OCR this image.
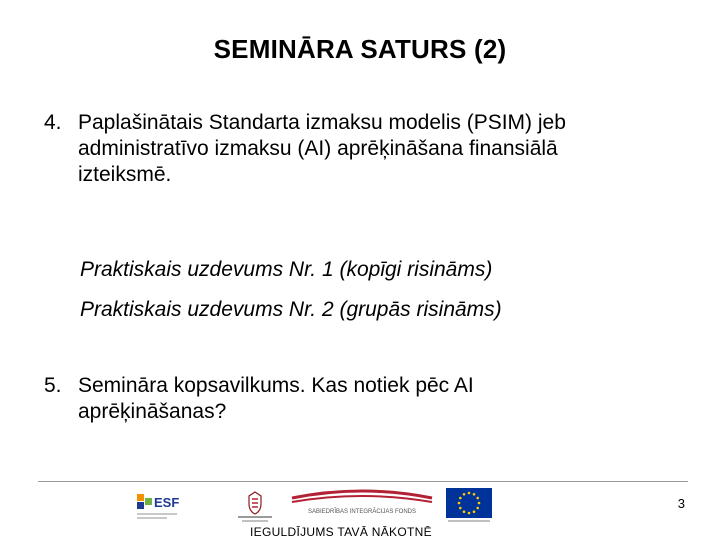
SEMINĀRA SATURS (2)
4. Paplašinātais Standarta izmaksu modelis (PSIM) jeb
administratīvo izmaksu (AI) aprēķināšana finansiālā
izteiksmē.
Praktiskais uzdevums Nr. 1 (kopīgi risināms)
Praktiskais uzdevums Nr. 2 (grupās risināms)
5. Semināra kopsavilkums. Kas notiek pēc AI
aprēķināšanas?
ESF
SABIEDRĪBAS INTEGRĀCIJAS FONDS
3
IEGULDĪJUMS TAVĀ NĀKOTNĒ
